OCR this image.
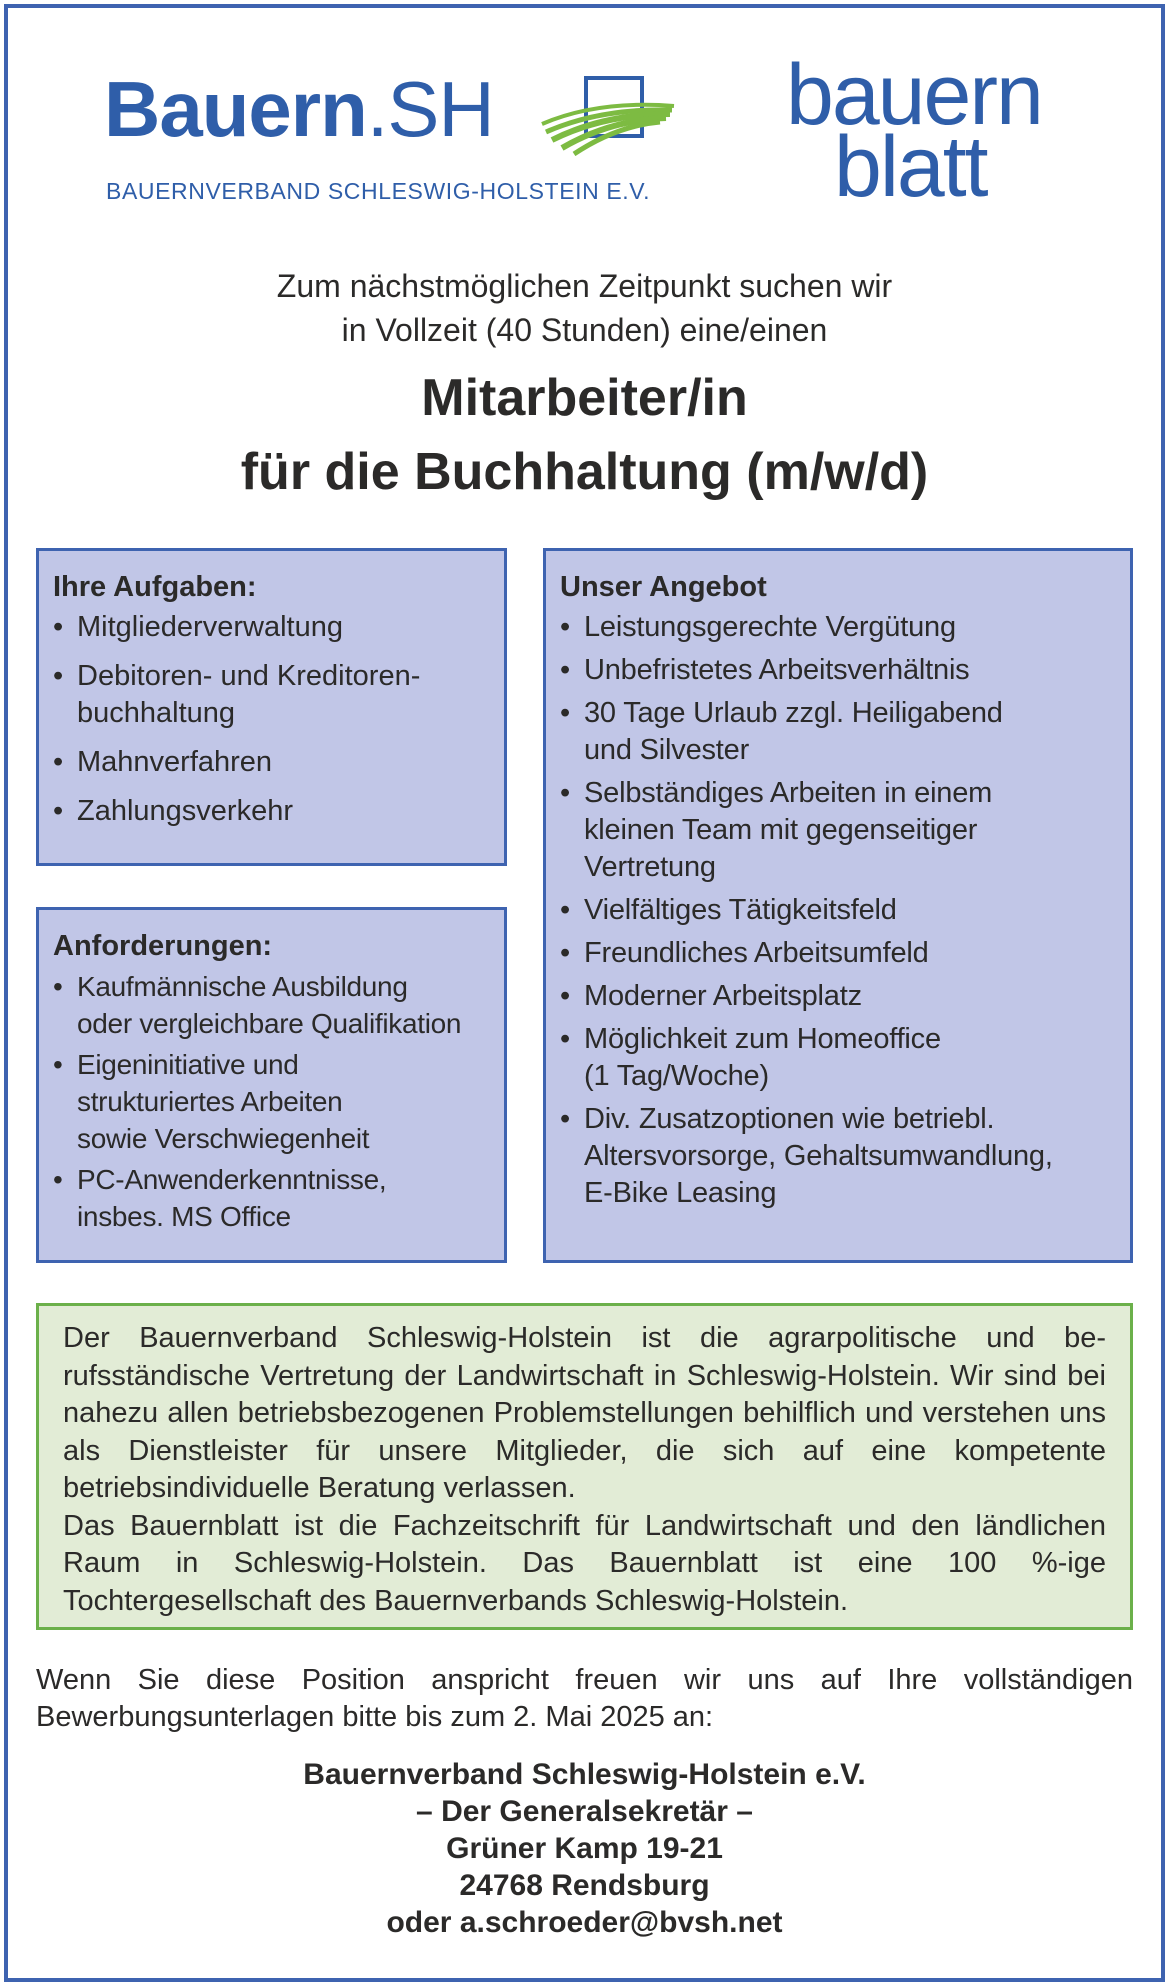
Bauern.SH
BAUERNVERBAND SCHLESWIG-HOLSTEIN E.V.
bauern
blatt
Zum nächstmöglichen Zeitpunkt suchen wir
in Vollzeit (40 Stunden) eine/einen
Mitarbeiter/in
für die Buchhaltung (m/w/d)
Ihre Aufgaben:
• Mitgliederverwaltung
• Debitoren- und Kreditoren-
buchhaltung
• Mahnverfahren
• Zahlungsverkehr
Anforderungen:
• Kaufmännische Ausbildung
oder vergleichbare Qualifikation
• Eigeninitiative und
strukturiertes Arbeiten
sowie Verschwiegenheit
• PC-Anwenderkenntnisse,
insbes. MS Office
Unser Angebot
• Leistungsgerechte Vergütung
• Unbefristetes Arbeitsverhältnis
• 30 Tage Urlaub zzgl. Heiligabend
und Silvester
• Selbständiges Arbeiten in einem
kleinen Team mit gegenseitiger
Vertretung
• Vielfältiges Tätigkeitsfeld
• Freundliches Arbeitsumfeld
• Moderner Arbeitsplatz
• Möglichkeit zum Homeoffice
(1 Tag/Woche)
• Div. Zusatzoptionen wie betriebl.
Altersvorsorge, Gehaltsumwandlung,
E-Bike Leasing

Der Bauernverband Schleswig-Holstein ist die agrarpolitische und berufsständische Vertretung der Landwirtschaft in Schleswig-Holstein. Wir sind bei nahezu allen betriebsbezogenen Problemstellungen behilflich und verstehen uns als Dienstleister für unsere Mitglieder, die sich auf eine kompetente betriebsindividuelle Beratung verlassen.

Das Bauernblatt ist die Fachzeitschrift für Landwirtschaft und den ländlichen Raum in Schleswig-Holstein. Das Bauernblatt ist eine 100 %-ige Tochtergesellschaft des Bauernverbands Schleswig-Holstein.

Wenn Sie diese Position anspricht freuen wir uns auf Ihre vollständigen Bewerbungsunterlagen bitte bis zum 2. Mai 2025 an:
Bauernverband Schleswig-Holstein e.V.
– Der Generalsekretär –
Grüner Kamp 19-21
24768 Rendsburg
oder a.schroeder@bvsh.net
